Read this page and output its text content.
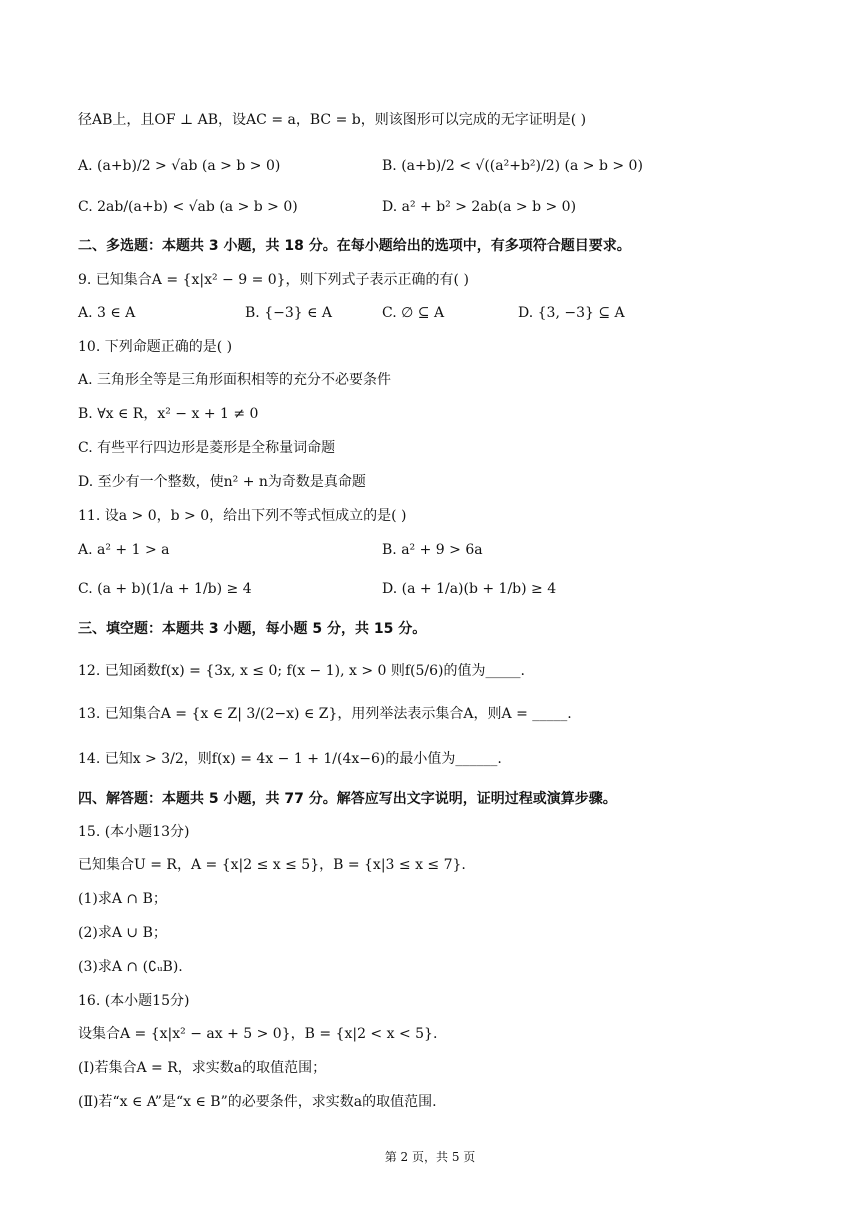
径AB上，且OF ⊥ AB，设AC = a，BC = b，则该图形可以完成的无字证明是( )
A. (a+b)/2 > √ab (a > b > 0)	B. (a+b)/2 < √((a²+b²)/2) (a > b > 0)
C. 2ab/(a+b) < √ab (a > b > 0)	D. a² + b² > 2ab(a > b > 0)
二、多选题：本题共 3 小题，共 18 分。在每小题给出的选项中，有多项符合题目要求。
9. 已知集合A = {x|x² − 9 = 0}，则下列式子表示正确的有( )
A. 3 ∈ A	B. {−3} ∈ A	C. ∅ ⊆ A	D. {3, −3} ⊆ A
10. 下列命题正确的是( )
A. 三角形全等是三角形面积相等的充分不必要条件
B. ∀x ∈ R，x² − x + 1 ≠ 0
C. 有些平行四边形是菱形是全称量词命题
D. 至少有一个整数，使n² + n为奇数是真命题
11. 设a > 0，b > 0，给出下列不等式恒成立的是( )
A. a² + 1 > a	B. a² + 9 > 6a
C. (a + b)(1/a + 1/b) ≥ 4	D. (a + 1/a)(b + 1/b) ≥ 4
三、填空题：本题共 3 小题，每小题 5 分，共 15 分。
12. 已知函数f(x) = {3x, x ≤ 0; f(x − 1), x > 0 则f(5/6)的值为_____.
13. 已知集合A = {x ∈ Z| 3/(2−x) ∈ Z}，用列举法表示集合A，则A = _____.
14. 已知x > 3/2，则f(x) = 4x − 1 + 1/(4x−6)的最小值为______.
四、解答题：本题共 5 小题，共 77 分。解答应写出文字说明，证明过程或演算步骤。
15. (本小题13分)
已知集合U = R，A = {x|2 ≤ x ≤ 5}，B = {x|3 ≤ x ≤ 7}.
(1)求A ∩ B；
(2)求A ∪ B；
(3)求A ∩ (∁ᵤB).
16. (本小题15分)
设集合A = {x|x² − ax + 5 > 0}，B = {x|2 < x < 5}.
(Ⅰ)若集合A = R，求实数a的取值范围；
(Ⅱ)若“x ∈ A”是“x ∈ B”的必要条件，求实数a的取值范围.
第 2 页，共 5 页
